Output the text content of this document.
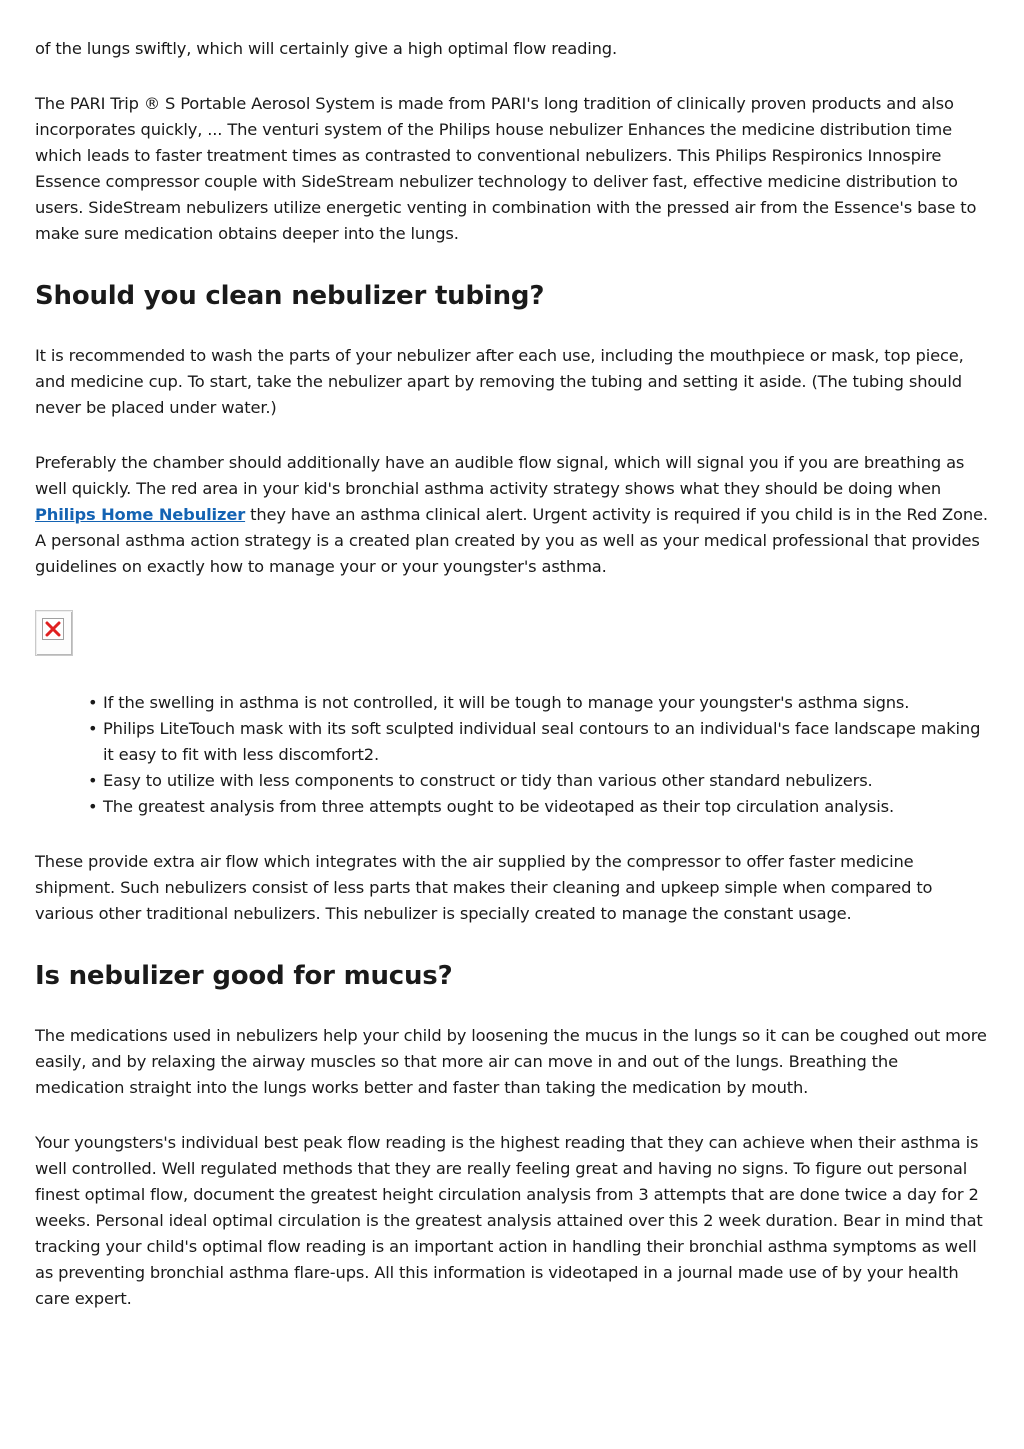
of the lungs swiftly, which will certainly give a high optimal flow reading.

The PARI Trip ® S Portable Aerosol System is made from PARI's long tradition of clinically proven products and also incorporates quickly, ... The venturi system of the Philips house nebulizer Enhances the medicine distribution time which leads to faster treatment times as contrasted to conventional nebulizers. This Philips Respironics Innospire Essence compressor couple with SideStream nebulizer technology to deliver fast, effective medicine distribution to users. SideStream nebulizers utilize energetic venting in combination with the pressed air from the Essence's base to make sure medication obtains deeper into the lungs.

Should you clean nebulizer tubing?

It is recommended to wash the parts of your nebulizer after each use, including the mouthpiece or mask, top piece, and medicine cup. To start, take the nebulizer apart by removing the tubing and setting it aside. (The tubing should never be placed under water.)

Preferably the chamber should additionally have an audible flow signal, which will signal you if you are breathing as well quickly. The red area in your kid's bronchial asthma activity strategy shows what they should be doing when Philips Home Nebulizer they have an asthma clinical alert. Urgent activity is required if you child is in the Red Zone. A personal asthma action strategy is a created plan created by you as well as your medical professional that provides guidelines on exactly how to manage your or your youngster's asthma.

• If the swelling in asthma is not controlled, it will be tough to manage your youngster's asthma signs.
• Philips LiteTouch mask with its soft sculpted individual seal contours to an individual's face landscape making it easy to fit with less discomfort2.
• Easy to utilize with less components to construct or tidy than various other standard nebulizers.
• The greatest analysis from three attempts ought to be videotaped as their top circulation analysis.

These provide extra air flow which integrates with the air supplied by the compressor to offer faster medicine shipment. Such nebulizers consist of less parts that makes their cleaning and upkeep simple when compared to various other traditional nebulizers. This nebulizer is specially created to manage the constant usage.

Is nebulizer good for mucus?

The medications used in nebulizers help your child by loosening the mucus in the lungs so it can be coughed out more easily, and by relaxing the airway muscles so that more air can move in and out of the lungs. Breathing the medication straight into the lungs works better and faster than taking the medication by mouth.

Your youngsters's individual best peak flow reading is the highest reading that they can achieve when their asthma is well controlled. Well regulated methods that they are really feeling great and having no signs. To figure out personal finest optimal flow, document the greatest height circulation analysis from 3 attempts that are done twice a day for 2 weeks. Personal ideal optimal circulation is the greatest analysis attained over this 2 week duration. Bear in mind that tracking your child's optimal flow reading is an important action in handling their bronchial asthma symptoms as well as preventing bronchial asthma flare-ups. All this information is videotaped in a journal made use of by your health care expert.
